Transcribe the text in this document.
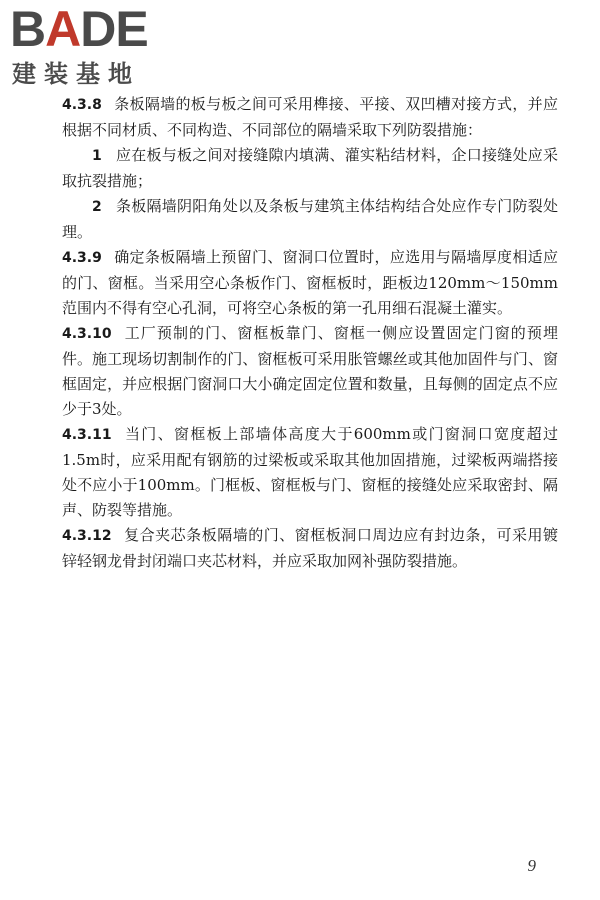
BADE
建装基地

4.3.8 条板隔墙的板与板之间可采用榫接、平接、双凹槽对接方式，并应根据不同材质、不同构造、不同部位的隔墙采取下列防裂措施：

1 应在板与板之间对接缝隙内填满、灌实粘结材料，企口接缝处应采取抗裂措施；

2 条板隔墙阴阳角处以及条板与建筑主体结构结合处应作专门防裂处理。

4.3.9 确定条板隔墙上预留门、窗洞口位置时，应选用与隔墙厚度相适应的门、窗框。当采用空心条板作门、窗框板时，距板边120mm～150mm范围内不得有空心孔洞，可将空心条板的第一孔用细石混凝土灌实。

4.3.10 工厂预制的门、窗框板靠门、窗框一侧应设置固定门窗的预埋件。施工现场切割制作的门、窗框板可采用胀管螺丝或其他加固件与门、窗框固定，并应根据门窗洞口大小确定固定位置和数量，且每侧的固定点不应少于3处。

4.3.11 当门、窗框板上部墙体高度大于600mm或门窗洞口宽度超过1.5m时，应采用配有钢筋的过梁板或采取其他加固措施，过梁板两端搭接处不应小于100mm。门框板、窗框板与门、窗框的接缝处应采取密封、隔声、防裂等措施。

4.3.12 复合夹芯条板隔墙的门、窗框板洞口周边应有封边条，可采用镀锌轻钢龙骨封闭端口夹芯材料，并应采取加网补强防裂措施。

9
